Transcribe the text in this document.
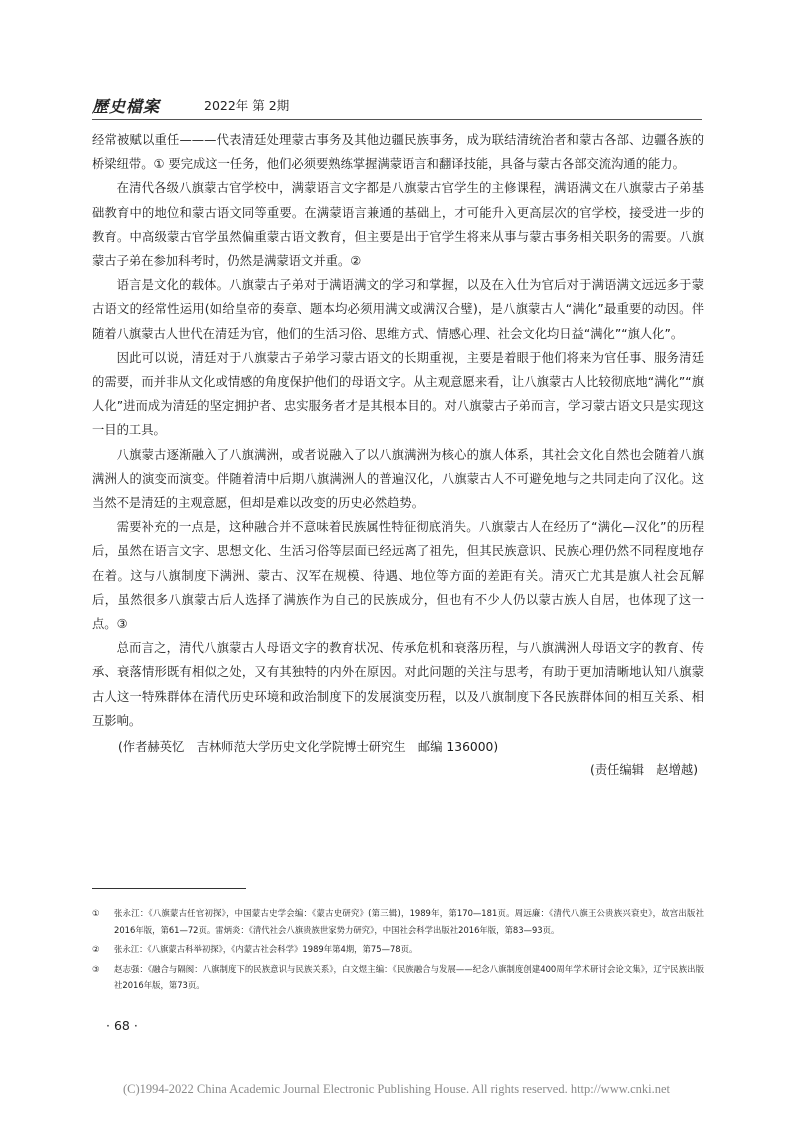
歷史檔案	2022年 第 2期

经常被赋以重任———代表清廷处理蒙古事务及其他边疆民族事务，成为联结清统治者和蒙古各部、边疆各族的桥梁纽带。① 要完成这一任务，他们必须要熟练掌握满蒙语言和翻译技能，具备与蒙古各部交流沟通的能力。

在清代各级八旗蒙古官学校中，满蒙语言文字都是八旗蒙古官学生的主修课程，满语满文在八旗蒙古子弟基础教育中的地位和蒙古语文同等重要。在满蒙语言兼通的基础上，才可能升入更高层次的官学校，接受进一步的教育。中高级蒙古官学虽然偏重蒙古语文教育，但主要是出于官学生将来从事与蒙古事务相关职务的需要。八旗蒙古子弟在参加科考时，仍然是满蒙语文并重。②

语言是文化的载体。八旗蒙古子弟对于满语满文的学习和掌握，以及在入仕为官后对于满语满文远远多于蒙古语文的经常性运用(如给皇帝的奏章、题本均必须用满文或满汉合璧)，是八旗蒙古人“满化”最重要的动因。伴随着八旗蒙古人世代在清廷为官，他们的生活习俗、思维方式、情感心理、社会文化均日益“满化”“旗人化”。

因此可以说，清廷对于八旗蒙古子弟学习蒙古语文的长期重视，主要是着眼于他们将来为官任事、服务清廷的需要，而并非从文化或情感的角度保护他们的母语文字。从主观意愿来看，让八旗蒙古人比较彻底地“满化”“旗人化”进而成为清廷的坚定拥护者、忠实服务者才是其根本目的。对八旗蒙古子弟而言，学习蒙古语文只是实现这一目的工具。

八旗蒙古逐渐融入了八旗满洲，或者说融入了以八旗满洲为核心的旗人体系，其社会文化自然也会随着八旗满洲人的演变而演变。伴随着清中后期八旗满洲人的普遍汉化，八旗蒙古人不可避免地与之共同走向了汉化。这当然不是清廷的主观意愿，但却是难以改变的历史必然趋势。

需要补充的一点是，这种融合并不意味着民族属性特征彻底消失。八旗蒙古人在经历了“满化—汉化”的历程后，虽然在语言文字、思想文化、生活习俗等层面已经远离了祖先，但其民族意识、民族心理仍然不同程度地存在着。这与八旗制度下满洲、蒙古、汉军在规模、待遇、地位等方面的差距有关。清灭亡尤其是旗人社会瓦解后，虽然很多八旗蒙古后人选择了满族作为自己的民族成分，但也有不少人仍以蒙古族人自居，也体现了这一点。③

总而言之，清代八旗蒙古人母语文字的教育状况、传承危机和衰落历程，与八旗满洲人母语文字的教育、传承、衰落情形既有相似之处，又有其独特的内外在原因。对此问题的关注与思考，有助于更加清晰地认知八旗蒙古人这一特殊群体在清代历史环境和政治制度下的发展演变历程，以及八旗制度下各民族群体间的相互关系、相互影响。

(作者赫英忆　吉林师范大学历史文化学院博士研究生　邮编 136000)
(责任编辑　赵增越)
①	张永江：《八旗蒙古任官初探》，中国蒙古史学会编：《蒙古史研究》(第三辑)，1989年，第170—181页。周远廉：《清代八旗王公贵族兴衰史》，故宫出版社2016年版，第61—72页。雷炳炎：《清代社会八旗贵族世家势力研究》，中国社会科学出版社2016年版，第83—93页。
②	张永江：《八旗蒙古科举初探》，《内蒙古社会科学》1989年第4期，第75—78页。
③	赵志强：《融合与隔阂：八旗制度下的民族意识与民族关系》，白文煜主编：《民族融合与发展——纪念八旗制度创建400周年学术研讨会论文集》，辽宁民族出版社2016年版，第73页。
· 68 ·
(C)1994-2022 China Academic Journal Electronic Publishing House. All rights reserved. http://www.cnki.net
